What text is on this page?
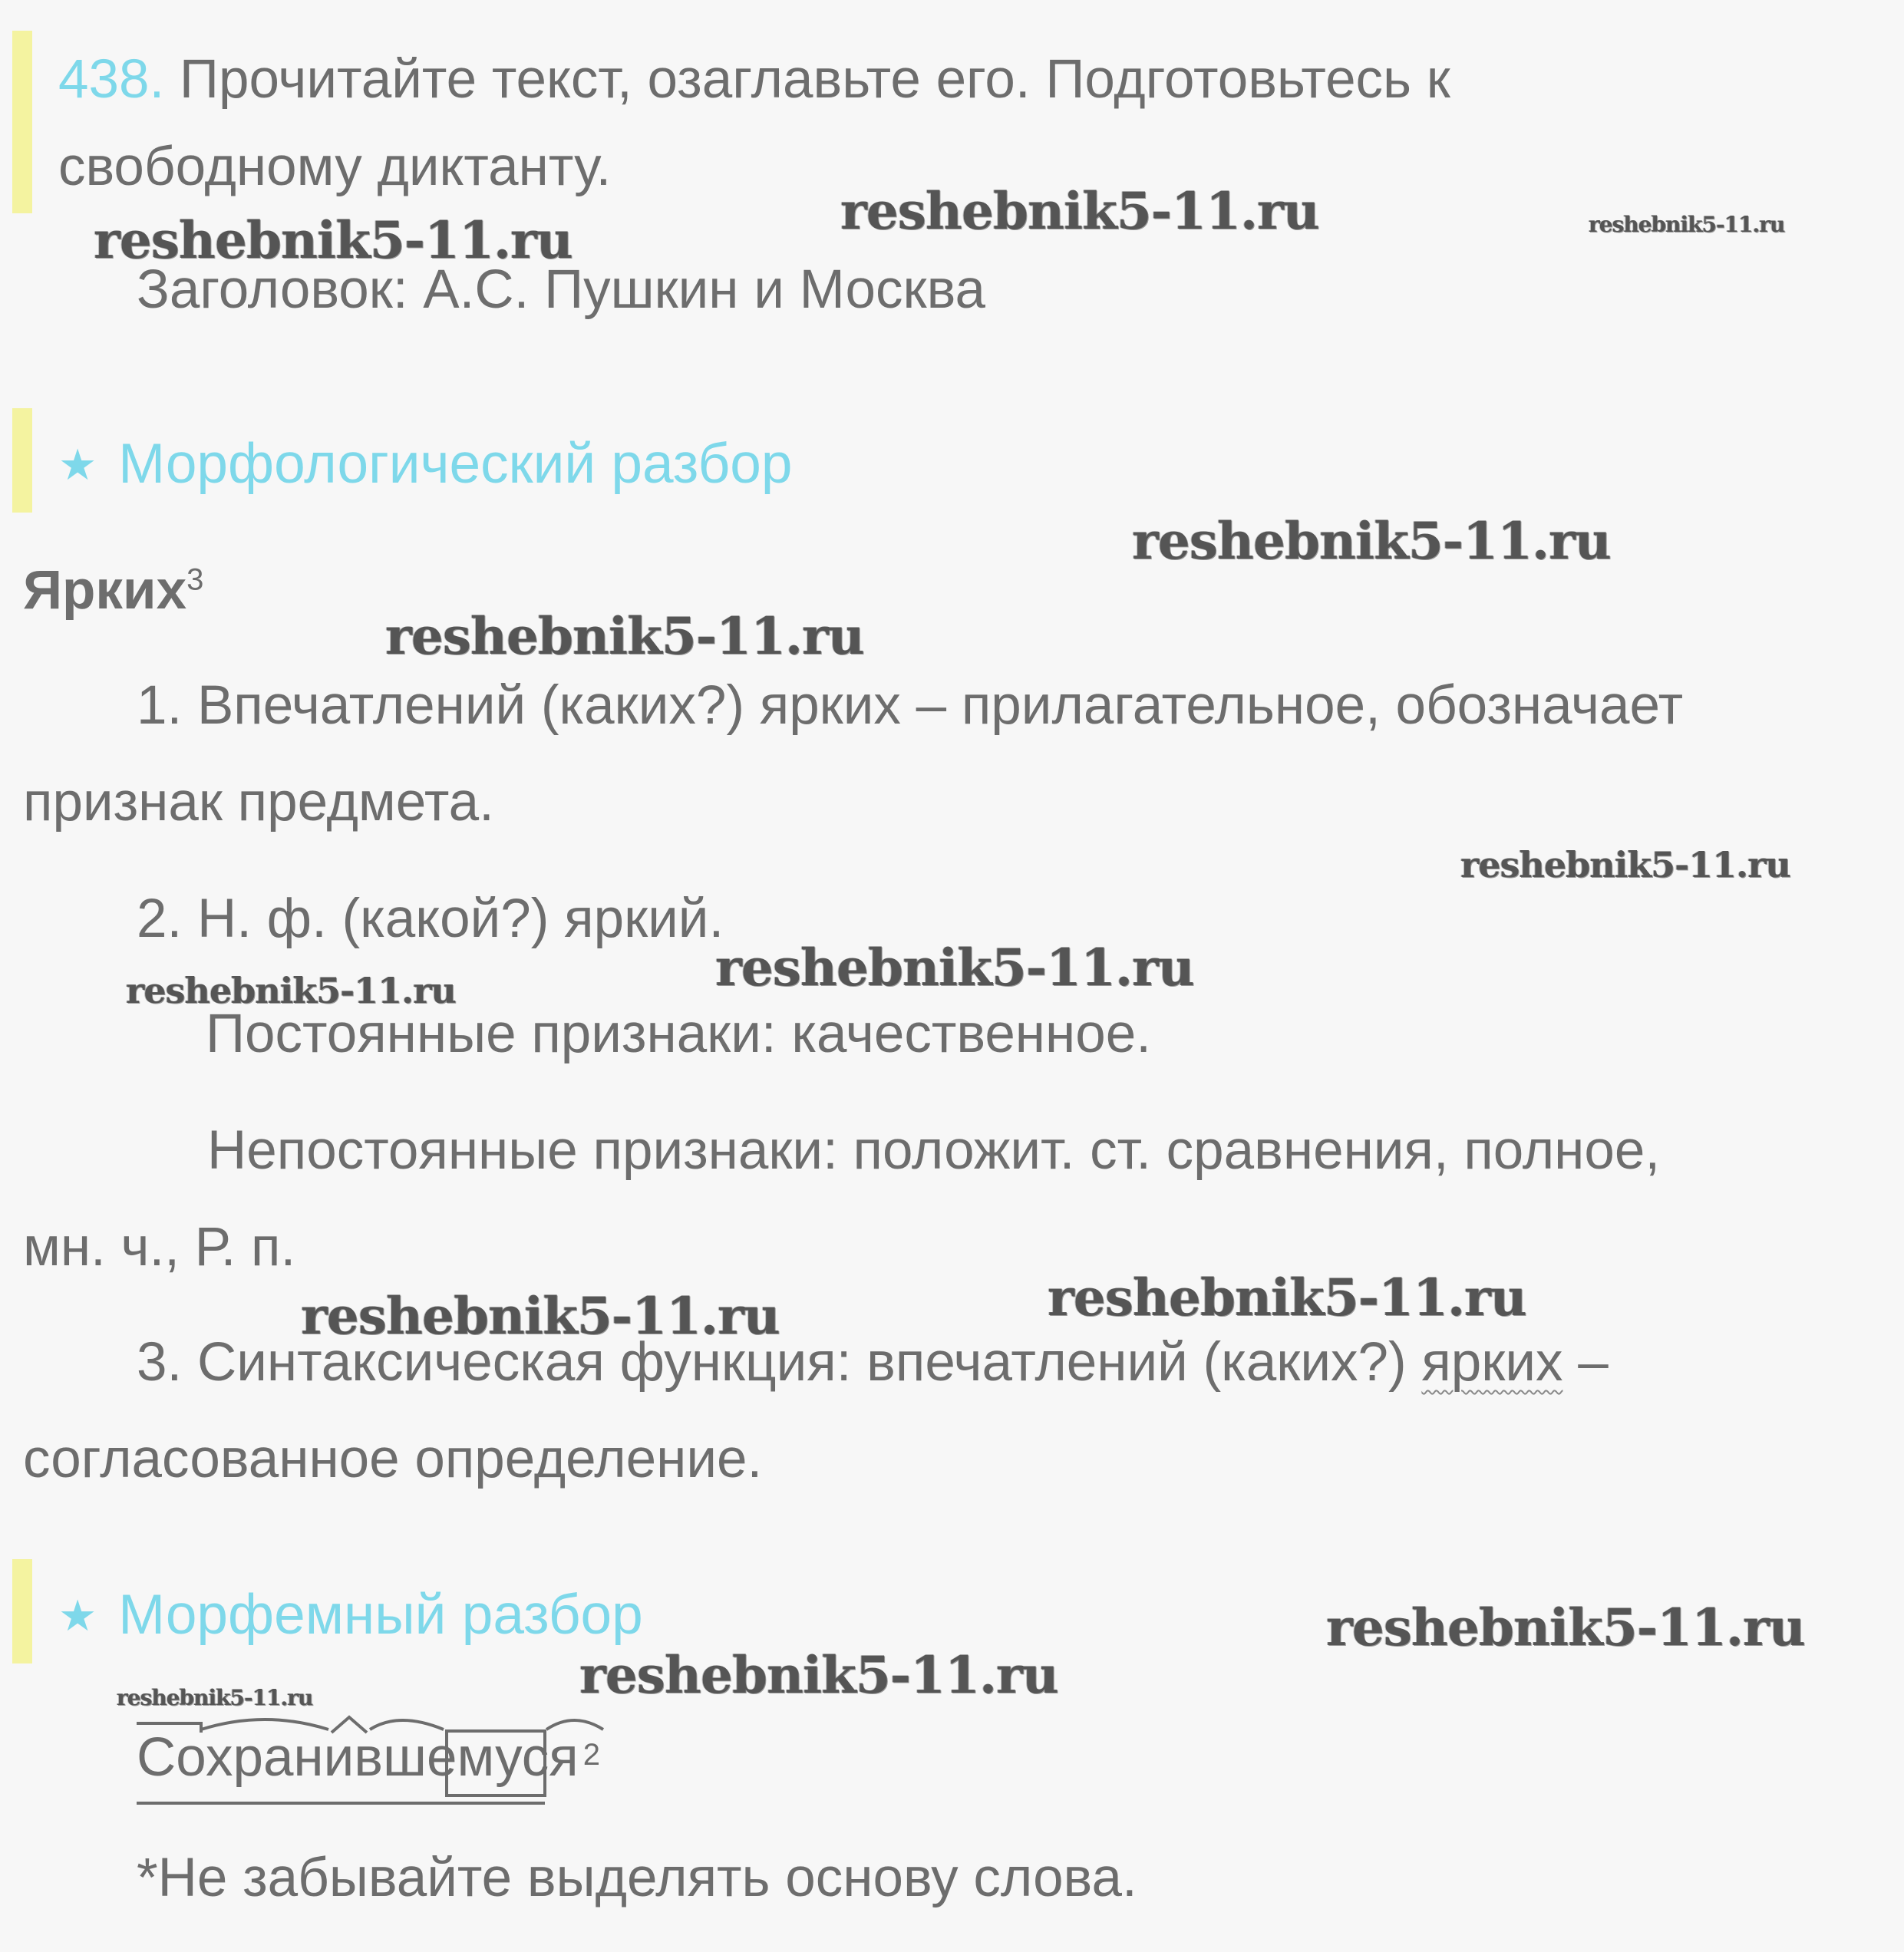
438. Прочитайте текст, озаглавьте его. Подготовьтесь к
свободному диктанту.
Заголовок: А.С. Пушкин и Москва
★ Морфологический разбор
Ярких$^3$
1. Впечатлений (каких?) ярких – прилагательное, обозначает
признак предмета.
2. Н. ф. (какой?) яркий.
Постоянные признаки: качественное.
Непостоянные признаки: положит. ст. сравнения, полное,
мн. ч., Р. п.
3. Синтаксическая функция: впечатлений (каких?) ярких –
согласованное определение.
★ Морфемный разбор
Сохранившемуся $^2$
*Не забывайте выделять основу слова.
reshebnik5-11.ru	reshebnik5-11.ru	reshebnik5-11.ru
reshebnik5-11.ru
reshebnik5-11.ru
reshebnik5-11.ru
reshebnik5-11.ru
reshebnik5-11.ru
reshebnik5-11.ru
reshebnik5-11.ru
reshebnik5-11.ru
reshebnik5-11.ru
reshebnik5-11.ru
